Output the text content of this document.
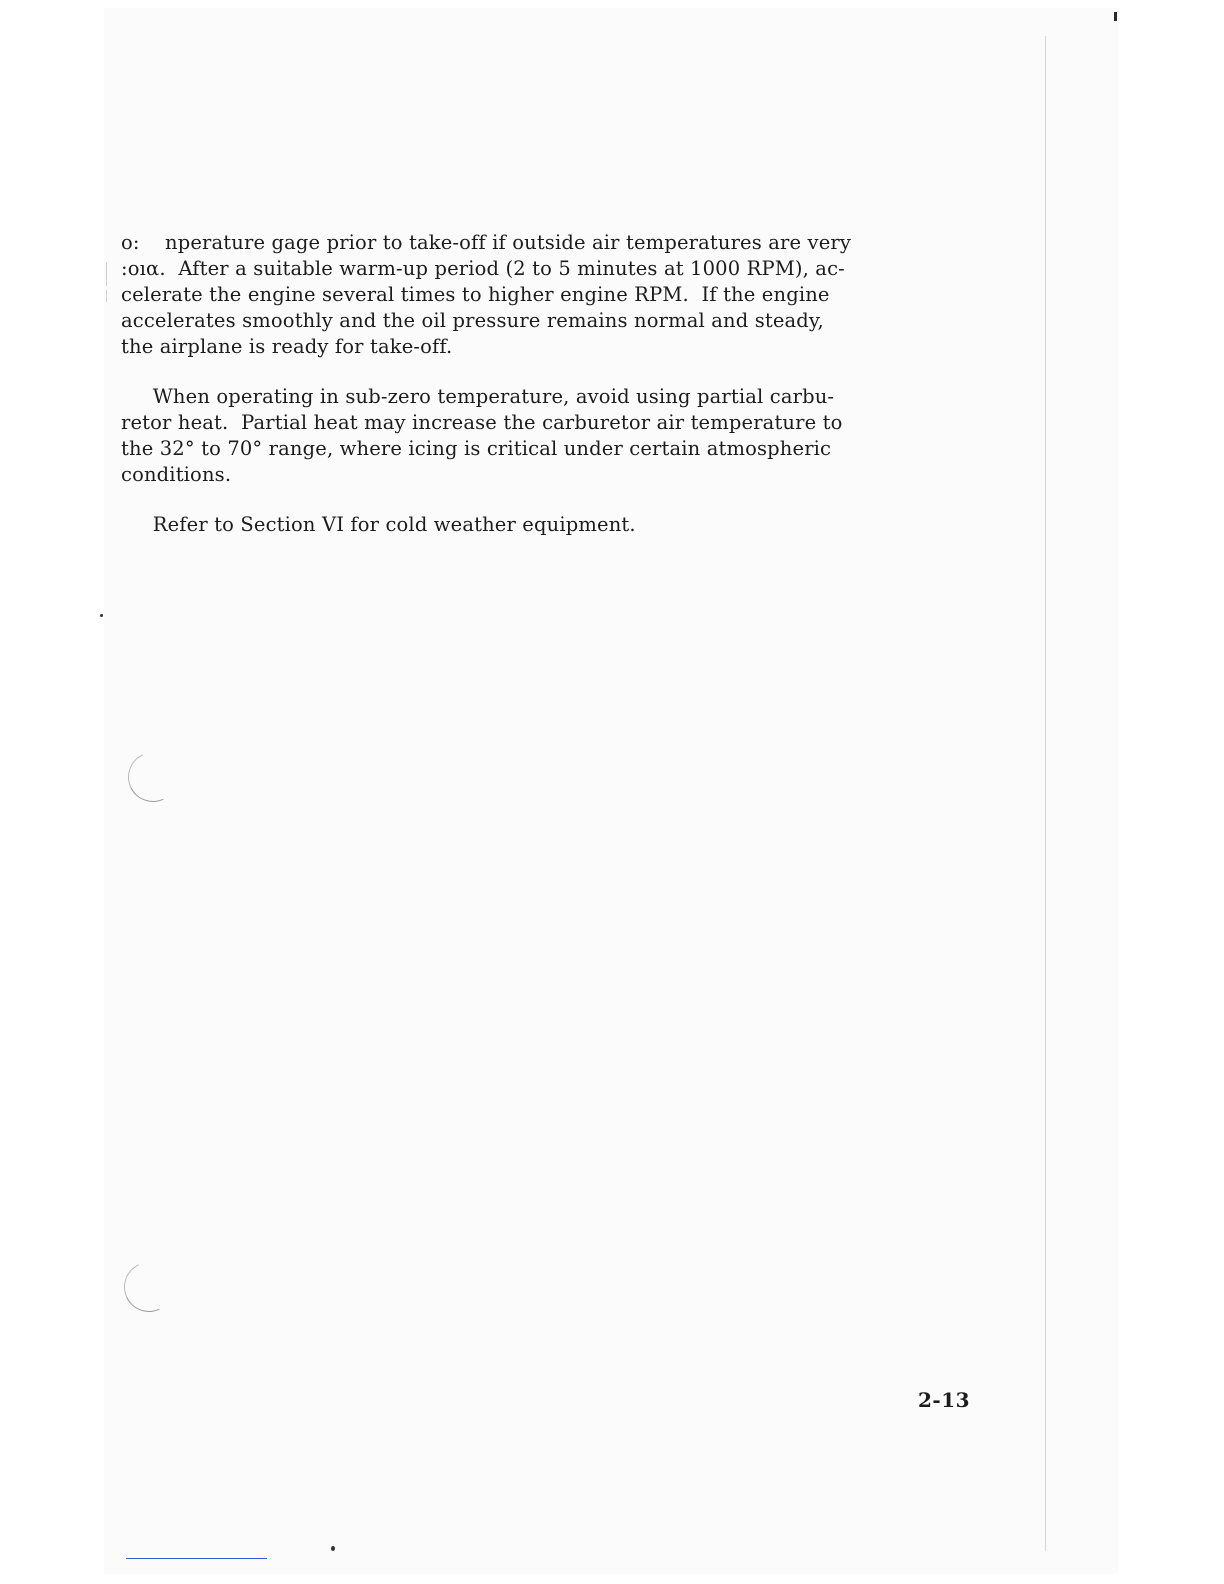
o:    nperature gage prior to take-off if outside air temperatures are very
:oıα.  After a suitable warm-up period (2 to 5 minutes at 1000 RPM), ac-
celerate the engine several times to higher engine RPM.  If the engine
accelerates smoothly and the oil pressure remains normal and steady,
the airplane is ready for take-off.
When operating in sub-zero temperature, avoid using partial carbu-
retor heat.  Partial heat may increase the carburetor air temperature to
the 32° to 70° range, where icing is critical under certain atmospheric
conditions.
Refer to Section VI for cold weather equipment.
2-13
